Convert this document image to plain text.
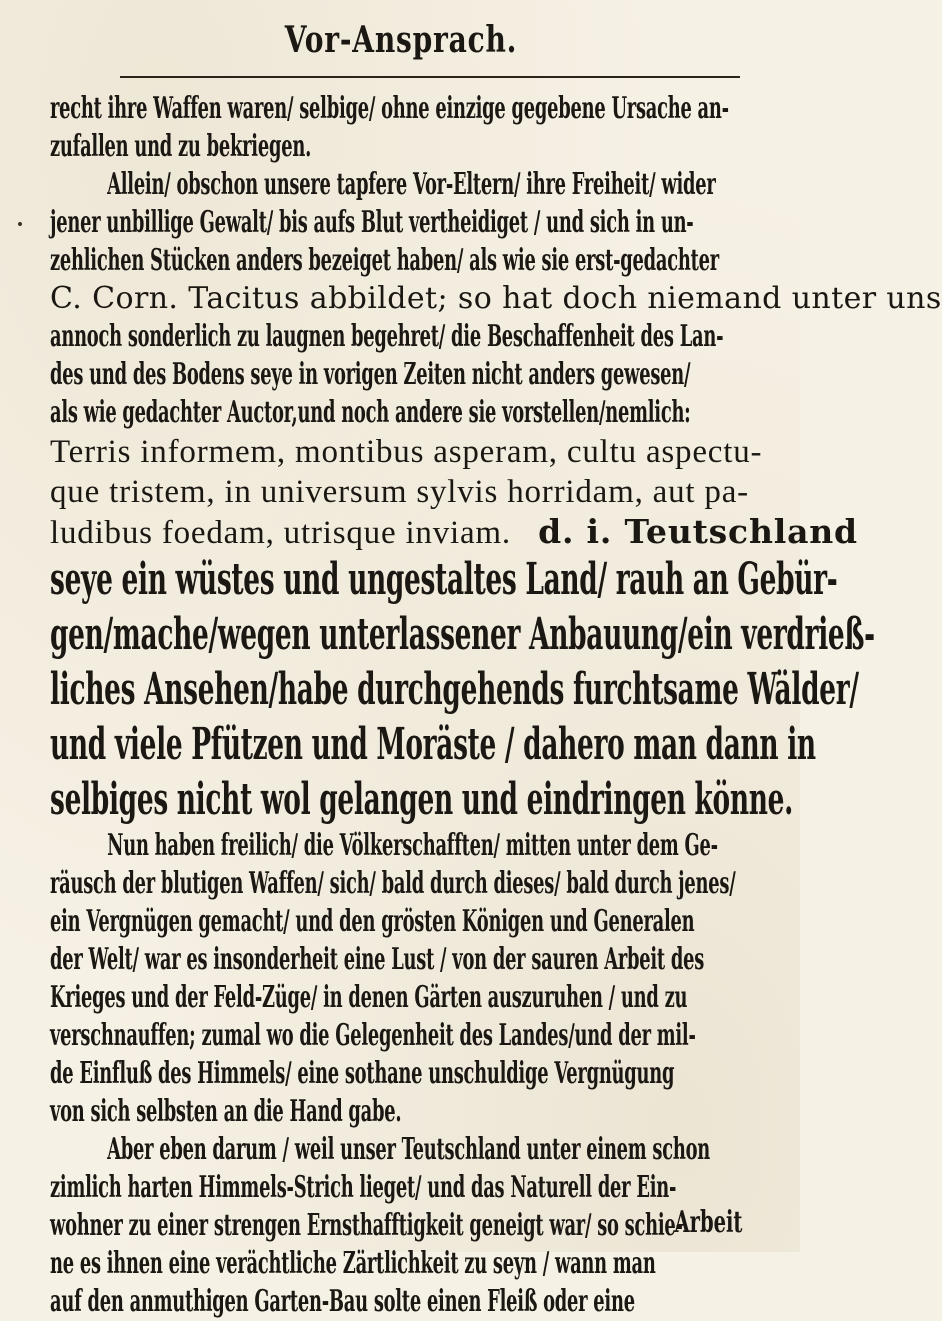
Vor-Ansprach.
recht ihre Waffen waren/ selbige/ ohne einzige gegebene Ursache an-
zufallen und zu bekriegen.
Allein/ obschon unsere tapfere Vor-Eltern/ ihre Freiheit/ wider
jener unbillige Gewalt/ bis aufs Blut vertheidiget / und sich in un-
zehlichen Stücken anders bezeiget haben/ als wie sie erst-gedachter
C. Corn. Tacitus abbildet; so hat doch niemand unter uns
annoch sonderlich zu laugnen begehret/ die Beschaffenheit des Lan-
des und des Bodens seye in vorigen Zeiten nicht anders gewesen/
als wie gedachter Auctor,und noch andere sie vorstellen/nemlich:
Terris informem, montibus asperam, cultu aspectu-
que tristem, in universum sylvis horridam, aut pa-
ludibus foedam, utrisque inviam. d. i. Teutschland
seye ein wüstes und ungestaltes Land/ rauh an Gebür-
gen/mache/wegen unterlassener Anbauung/ein verdrieß-
liches Ansehen/habe durchgehends furchtsame Wälder/
und viele Pfützen und Moräste / dahero man dann in
selbiges nicht wol gelangen und eindringen könne.
Nun haben freilich/ die Völkerschafften/ mitten unter dem Ge-
räusch der blutigen Waffen/ sich/ bald durch dieses/ bald durch jenes/
ein Vergnügen gemacht/ und den grösten Königen und Generalen
der Welt/ war es insonderheit eine Lust / von der sauren Arbeit des
Krieges und der Feld-Züge/ in denen Gärten auszuruhen / und zu
verschnauffen; zumal wo die Gelegenheit des Landes/und der mil-
de Einfluß des Himmels/ eine sothane unschuldige Vergnügung
von sich selbsten an die Hand gabe.
Aber eben darum / weil unser Teutschland unter einem schon
zimlich harten Himmels-Strich lieget/ und das Naturell der Ein-
wohner zu einer strengen Ernsthafftigkeit geneigt war/ so schie-
ne es ihnen eine verächtliche Zärtlichkeit zu seyn / wann man
auf den anmuthigen Garten-Bau solte einen Fleiß oder eine
Arbeit
